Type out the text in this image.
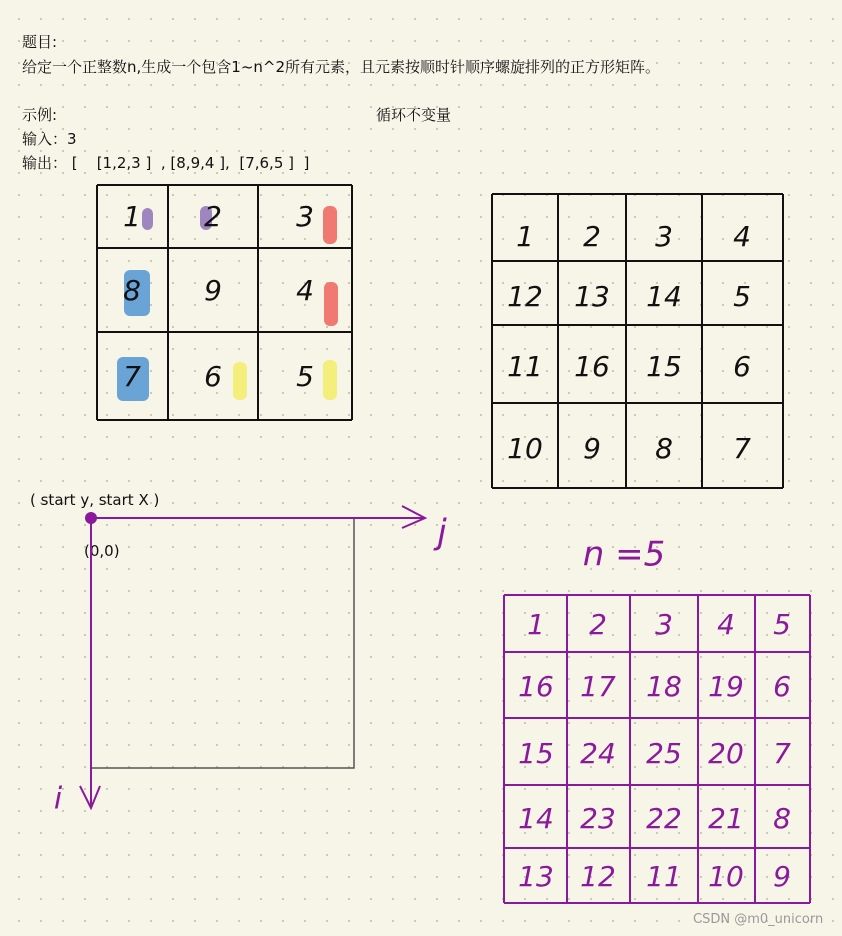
题目:
给定一个正整数n,生成一个包含1~n^2所有元素，且元素按顺时针顺序螺旋排列的正方形矩阵。
示例:	循环不变量
输入：3
输出： [    [1,2,3 ]  , [8,9,4 ],  [7,6,5 ]  ]
( start y, start X )
(0,0)
CSDN @m0_unicorn
1 2	3
8 9	4
7 6	5
1 2 3 4
12 13 14 5
11 16 15 6
10 9 8 7
n =5
1 2 3 4 5
16 17 18 19 6
15 24 25 20 7
14 23 22 21 8
13 12 11 10 9
j
i
